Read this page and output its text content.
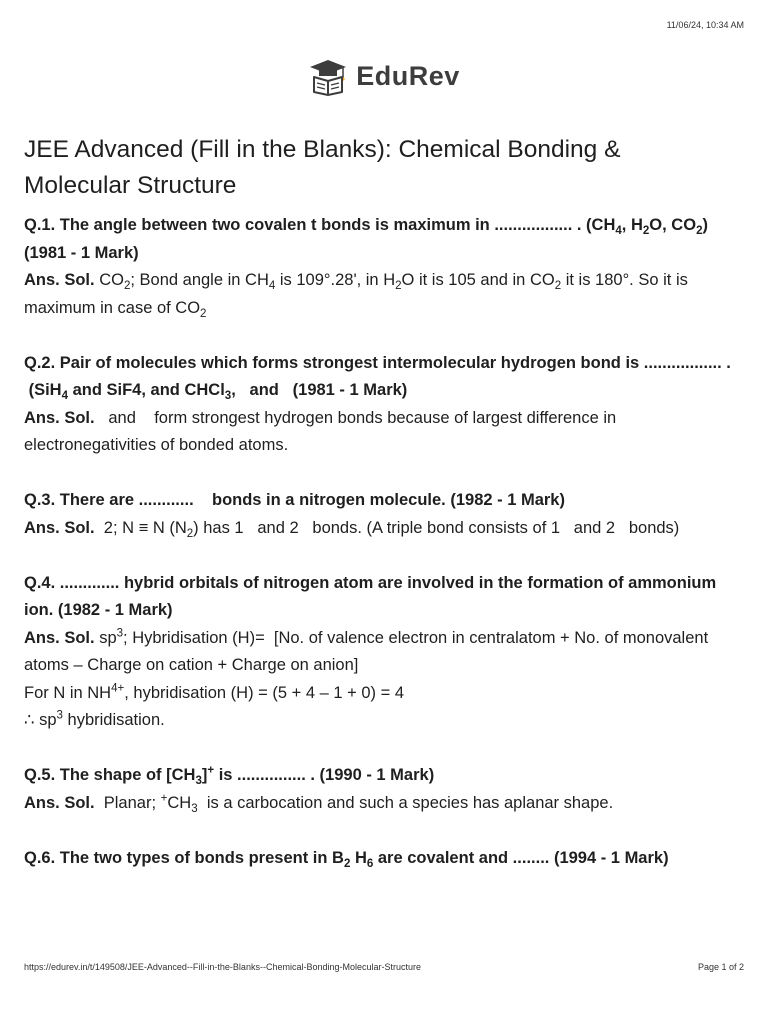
11/06/24, 10:34 AM
EduRev
JEE Advanced (Fill in the Blanks): Chemical Bonding & Molecular Structure

Q.1. The angle between two covalen t bonds is maximum in ................. . ($CH_4$, $H_2O$, $CO_2$) (1981 - 1 Mark)

Ans. Sol. $CO_2$; Bond angle in $CH_4$ is 109°.28', in $H_2O$ it is 105 and in $CO_2$ it is 180°. So it is maximum in case of $CO_2$

Q.2. Pair of molecules which forms strongest intermolecular hydrogen bond is ................. .

(SiH$_4$ and SiF4, and CHCl$_3$,   and   (1981 - 1 Mark)

Ans. Sol. and    form strongest hydrogen bonds because of largest difference in electronegativities of bonded atoms.

Q.3. There are ............    bonds in a nitrogen molecule. (1982 - 1 Mark)

Ans. Sol. 2; N ≡ N $(N_2)$ has 1   and 2   bonds. (A triple bond consists of 1   and 2   bonds)

Q.4. ............. hybrid orbitals of nitrogen atom are involved in the formation of ammonium ion. (1982 - 1 Mark)

Ans. Sol. $sp^3$; Hybridisation (H)=  [No. of valence electron in centralatom + No. of monovalent atoms – Charge on cation + Charge on anion]

For N in $NH^{4+}$, hybridisation (H) = (5 + 4 – 1 + 0) = 4

∴ $sp^3$ hybridisation.

Q.5. The shape of $[CH_3]^+$ is ............... . (1990 - 1 Mark)

Ans. Sol. Planar; $^+CH_3$  is a carbocation and such a species has aplanar shape.

Q.6. The two types of bonds present in $B_2$ $H_6$ are covalent and ........ (1994 - 1 Mark)

https://edurev.in/t/149508/JEE-Advanced--Fill-in-the-Blanks--Chemical-Bonding-Molecular-Structure	Page 1 of 2
